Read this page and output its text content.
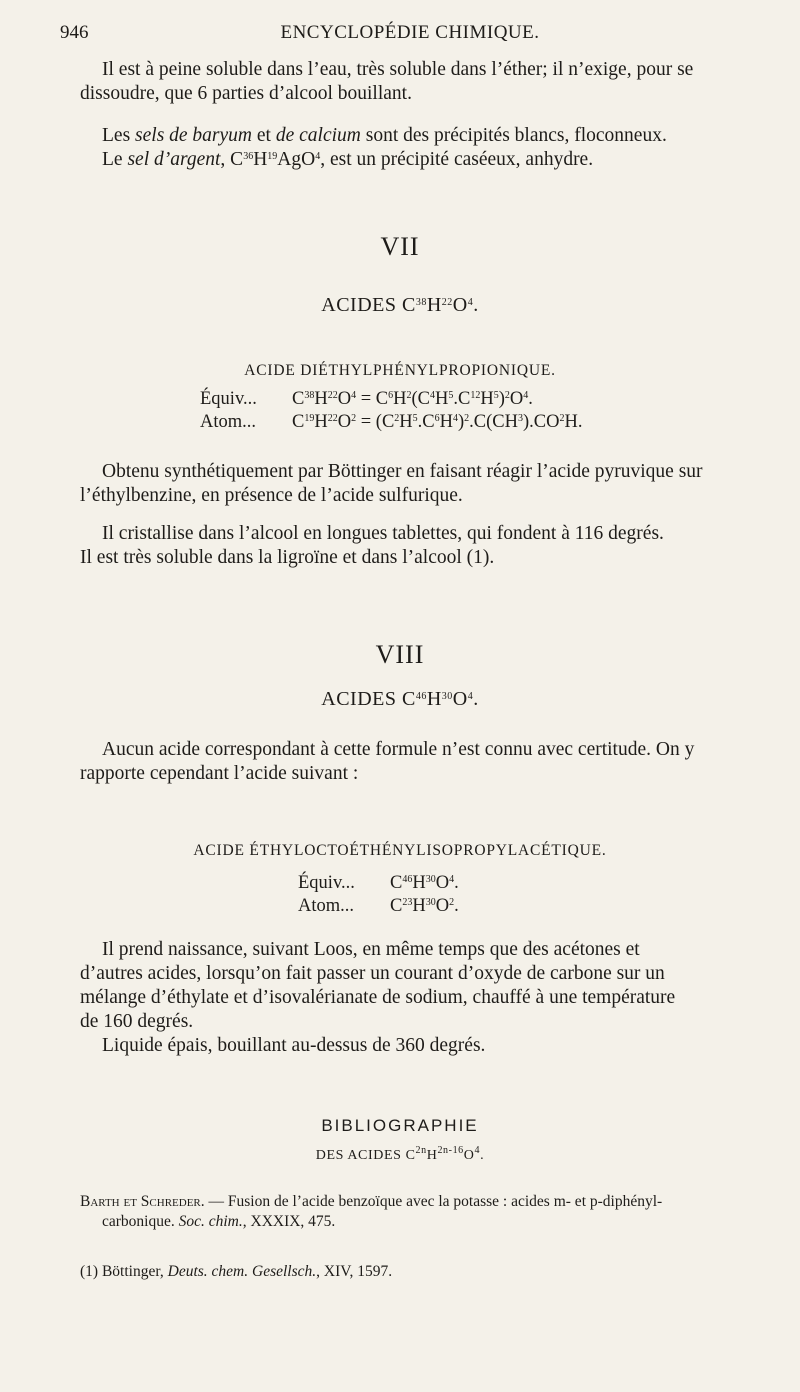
946	ENCYCLOPÉDIE CHIMIQUE.

Il est à peine soluble dans l’eau, très soluble dans l’éther; il n’exige, pour se

dissoudre, que 6 parties d’alcool bouillant.

Les sels de baryum et de calcium sont des précipités blancs, floconneux.

Le sel d’argent, $C^{36}H^{19}AgO^4$, est un précipité caséeux, anhydre.

VII
ACIDES $C^{38}H^{22}O^4$.
ACIDE DIÉTHYLPHÉNYLPROPIONIQUE.
Équiv... $C^{38}H^{22}O^4 = C^6H^2(C^4H^5.C^{12}H^5)^2O^4$.
Atom... $C^{19}H^{22}O^2 = (C^2H^5.C^6H^4)^2.C(CH^3).CO^2H$.

Obtenu synthétiquement par Böttinger en faisant réagir l’acide pyruvique sur

l’éthylbenzine, en présence de l’acide sulfurique.

Il cristallise dans l’alcool en longues tablettes, qui fondent à 116 degrés.

Il est très soluble dans la ligroïne et dans l’alcool (1).

VIII
ACIDES $C^{46}H^{30}O^4$.

Aucun acide correspondant à cette formule n’est connu avec certitude. On y

rapporte cependant l’acide suivant :

ACIDE ÉTHYLOCTOÉTHÉNYLISOPROPYLACÉTIQUE.
Équiv... $C^{46}H^{30}O^4$.
Atom... $C^{23}H^{30}O^2$.

Il prend naissance, suivant Loos, en même temps que des acétones et

d’autres acides, lorsqu’on fait passer un courant d’oxyde de carbone sur un

mélange d’éthylate et d’isovalérianate de sodium, chauffé à une température

de 160 degrés.

Liquide épais, bouillant au-dessus de 360 degrés.

BIBLIOGRAPHIE
DES ACIDES $C^{2n}H^{2n-16}O^4$.
Barth et Schreder. — Fusion de l’acide benzoïque avec la potasse : acides m- et p-diphényl-
carbonique. Soc. chim., XXXIX, 475.
(1) Böttinger, Deuts. chem. Gesellsch., XIV, 1597.
